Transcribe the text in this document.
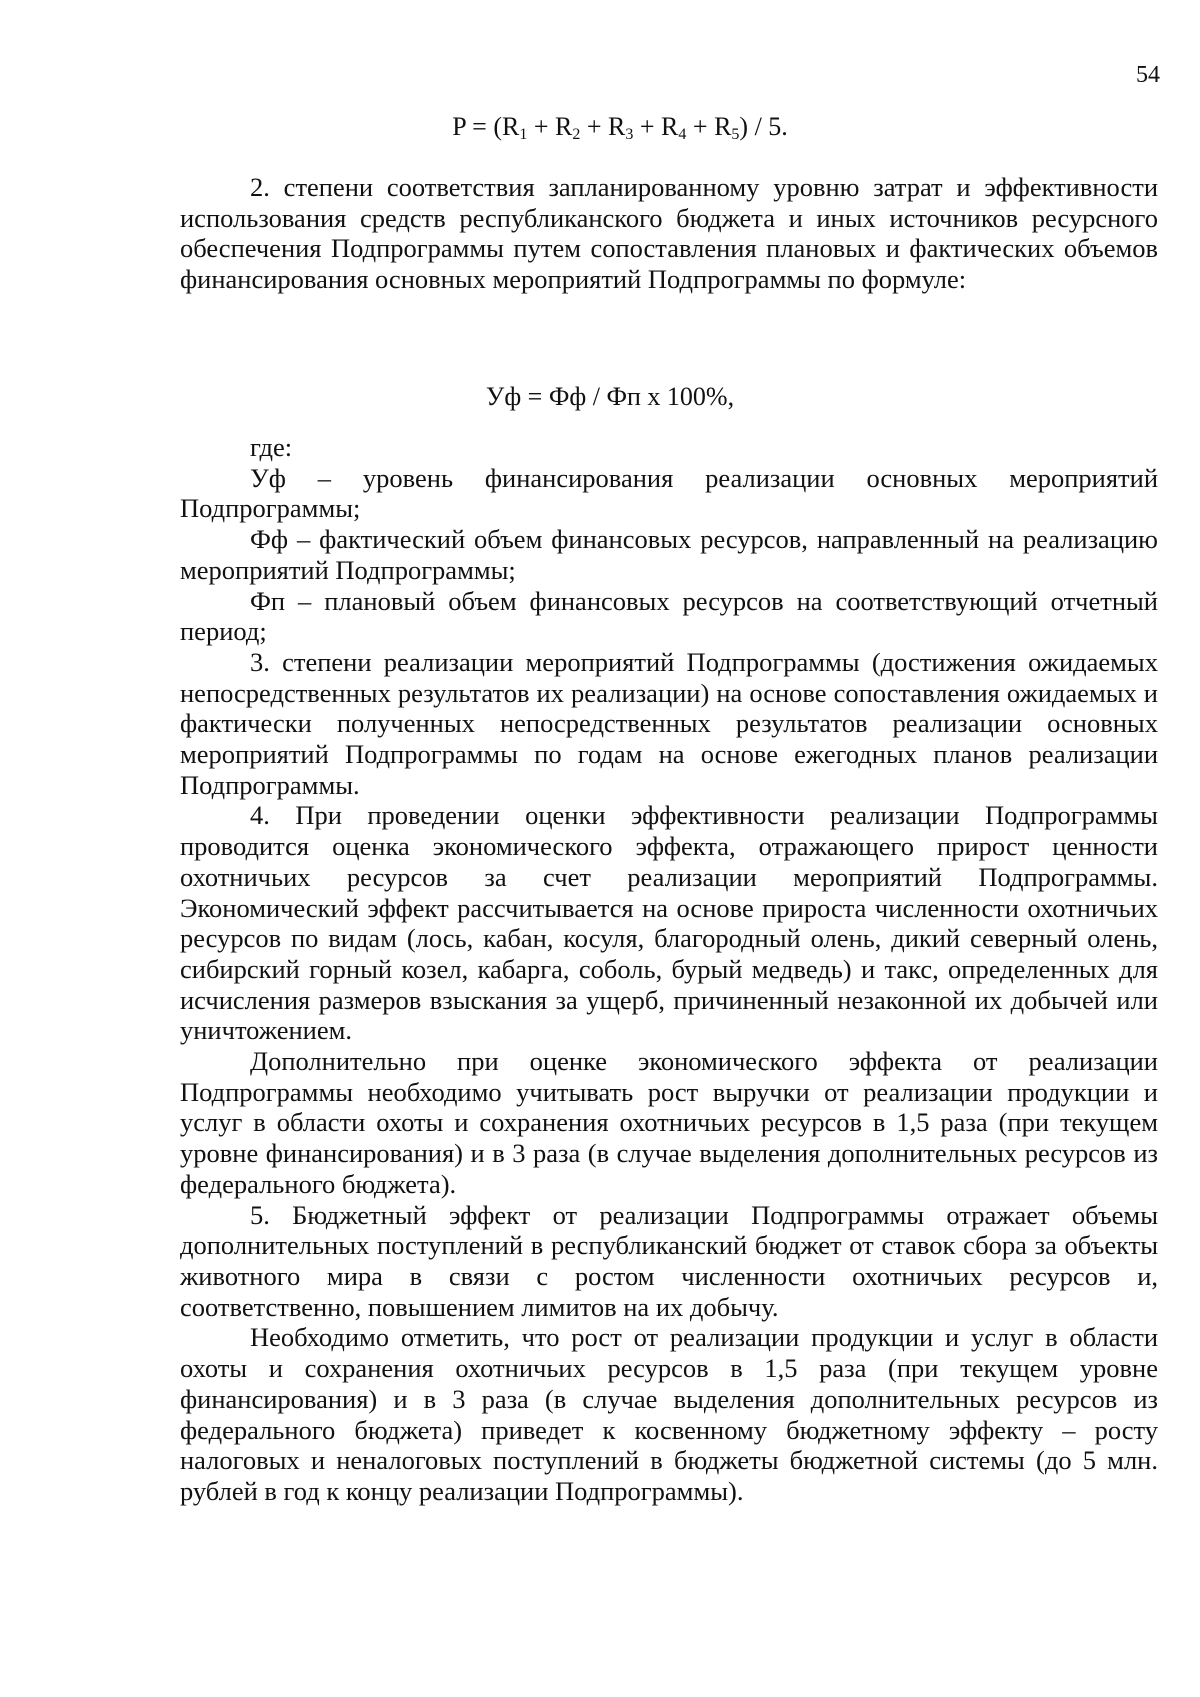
54
$P = (R_1 + R_2 + R_3 + R_4 + R_5) / 5$.

2. степени соответствия запланированному уровню затрат и эффективности использования средств республиканского бюджета и иных источников ресурсного обеспечения Подпрограммы путем сопоставления плановых и фактических объемов финансирования основных мероприятий Подпрограммы по формуле:

Уф = Фф / Фп х 100%,

где:

Уф – уровень финансирования реализации основных мероприятий Подпрограммы;

Фф – фактический объем финансовых ресурсов, направленный на реализацию мероприятий Подпрограммы;

Фп – плановый объем финансовых ресурсов на соответствующий отчетный период;

3. степени реализации мероприятий Подпрограммы (достижения ожидаемых непосредственных результатов их реализации) на основе сопоставления ожидаемых и фактически полученных непосредственных результатов реализации основных мероприятий Подпрограммы по годам на основе ежегодных планов реализации Подпрограммы.

4. При проведении оценки эффективности реализации Подпрограммы проводится оценка экономического эффекта, отражающего прирост ценности охотничьих ресурсов за счет реализации мероприятий Подпрограммы. Экономический эффект рассчитывается на основе прироста численности охотничьих ресурсов по видам (лось, кабан, косуля, благородный олень, дикий северный олень, сибирский горный козел, кабарга, соболь, бурый медведь) и такс, определенных для исчисления размеров взыскания за ущерб, причиненный незаконной их добычей или уничтожением.

Дополнительно при оценке экономического эффекта от реализации Подпрограммы необходимо учитывать рост выручки от реализации продукции и услуг в области охоты и сохранения охотничьих ресурсов в 1,5 раза (при текущем уровне финансирования) и в 3 раза (в случае выделения дополнительных ресурсов из федерального бюджета).

5. Бюджетный эффект от реализации Подпрограммы отражает объемы дополнительных поступлений в республиканский бюджет от ставок сбора за объекты животного мира в связи с ростом численности охотничьих ресурсов и, соответственно, повышением лимитов на их добычу.

Необходимо отметить, что рост от реализации продукции и услуг в области охоты и сохранения охотничьих ресурсов в 1,5 раза (при текущем уровне финансирования) и в 3 раза (в случае выделения дополнительных ресурсов из федерального бюджета) приведет к косвенному бюджетному эффекту – росту налоговых и неналоговых поступлений в бюджеты бюджетной системы (до 5 млн. рублей в год к концу реализации Подпрограммы).
